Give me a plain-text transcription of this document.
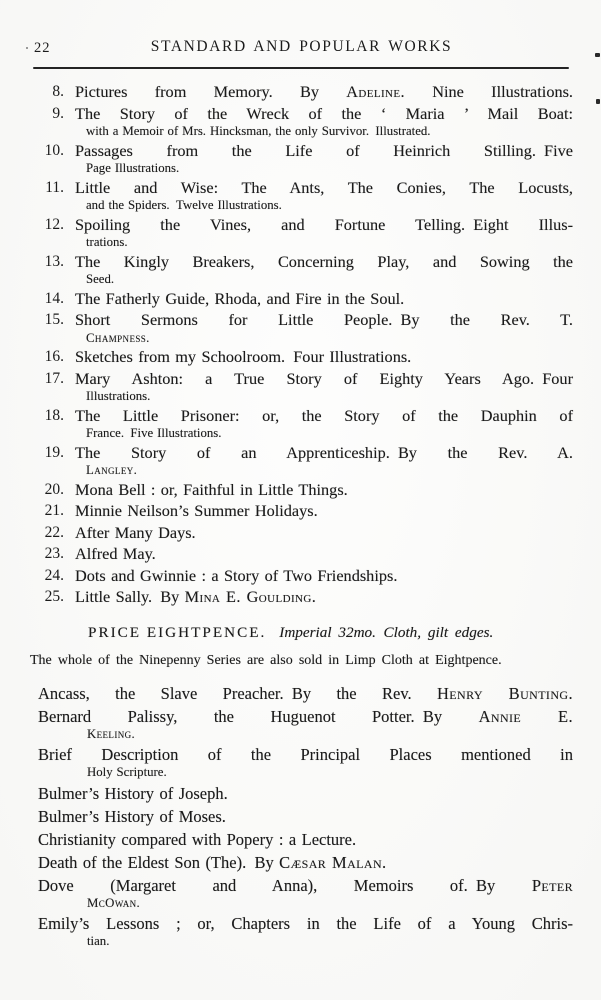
22	STANDARD AND POPULAR WORKS
8. Pictures from Memory. By Adeline. Nine Illustrations.
9. The Story of the Wreck of the ‘ Maria ’ Mail Boat:
with a Memoir of Mrs. Hincksman, the only Survivor. Illustrated.
10. Passages from the Life of Heinrich Stilling. Five
Page Illustrations.
11. Little and Wise: The Ants, The Conies, The Locusts,
and the Spiders. Twelve Illustrations.
12. Spoiling the Vines, and Fortune Telling. Eight Illus-
trations.
13. The Kingly Breakers, Concerning Play, and Sowing the
Seed.
14. The Fatherly Guide, Rhoda, and Fire in the Soul.
15. Short Sermons for Little People. By the Rev. T.
Champness.
16. Sketches from my Schoolroom. Four Illustrations.
17. Mary Ashton: a True Story of Eighty Years Ago. Four
Illustrations.
18. The Little Prisoner: or, the Story of the Dauphin of
France. Five Illustrations.
19. The Story of an Apprenticeship. By the Rev. A.
Langley.
20. Mona Bell : or, Faithful in Little Things.
21. Minnie Neilson’s Summer Holidays.
22. After Many Days.
23. Alfred May.
24. Dots and Gwinnie : a Story of Two Friendships.
25. Little Sally. By Mina E. Goulding.

PRICE EIGHTPENCE. Imperial 32mo. Cloth, gilt edges.

The whole of the Ninepenny Series are also sold in Limp Cloth at Eightpence.

Ancass, the Slave Preacher. By the Rev. Henry Bunting.
Bernard Palissy, the Huguenot Potter. By Annie E.
Keeling.
Brief Description of the Principal Places mentioned in
Holy Scripture.
Bulmer’s History of Joseph.
Bulmer’s History of Moses.
Christianity compared with Popery : a Lecture.
Death of the Eldest Son (The). By Cæsar Malan.
Dove (Margaret and Anna), Memoirs of. By Peter
McOwan.
Emily’s Lessons ; or, Chapters in the Life of a Young Chris-
tian.
